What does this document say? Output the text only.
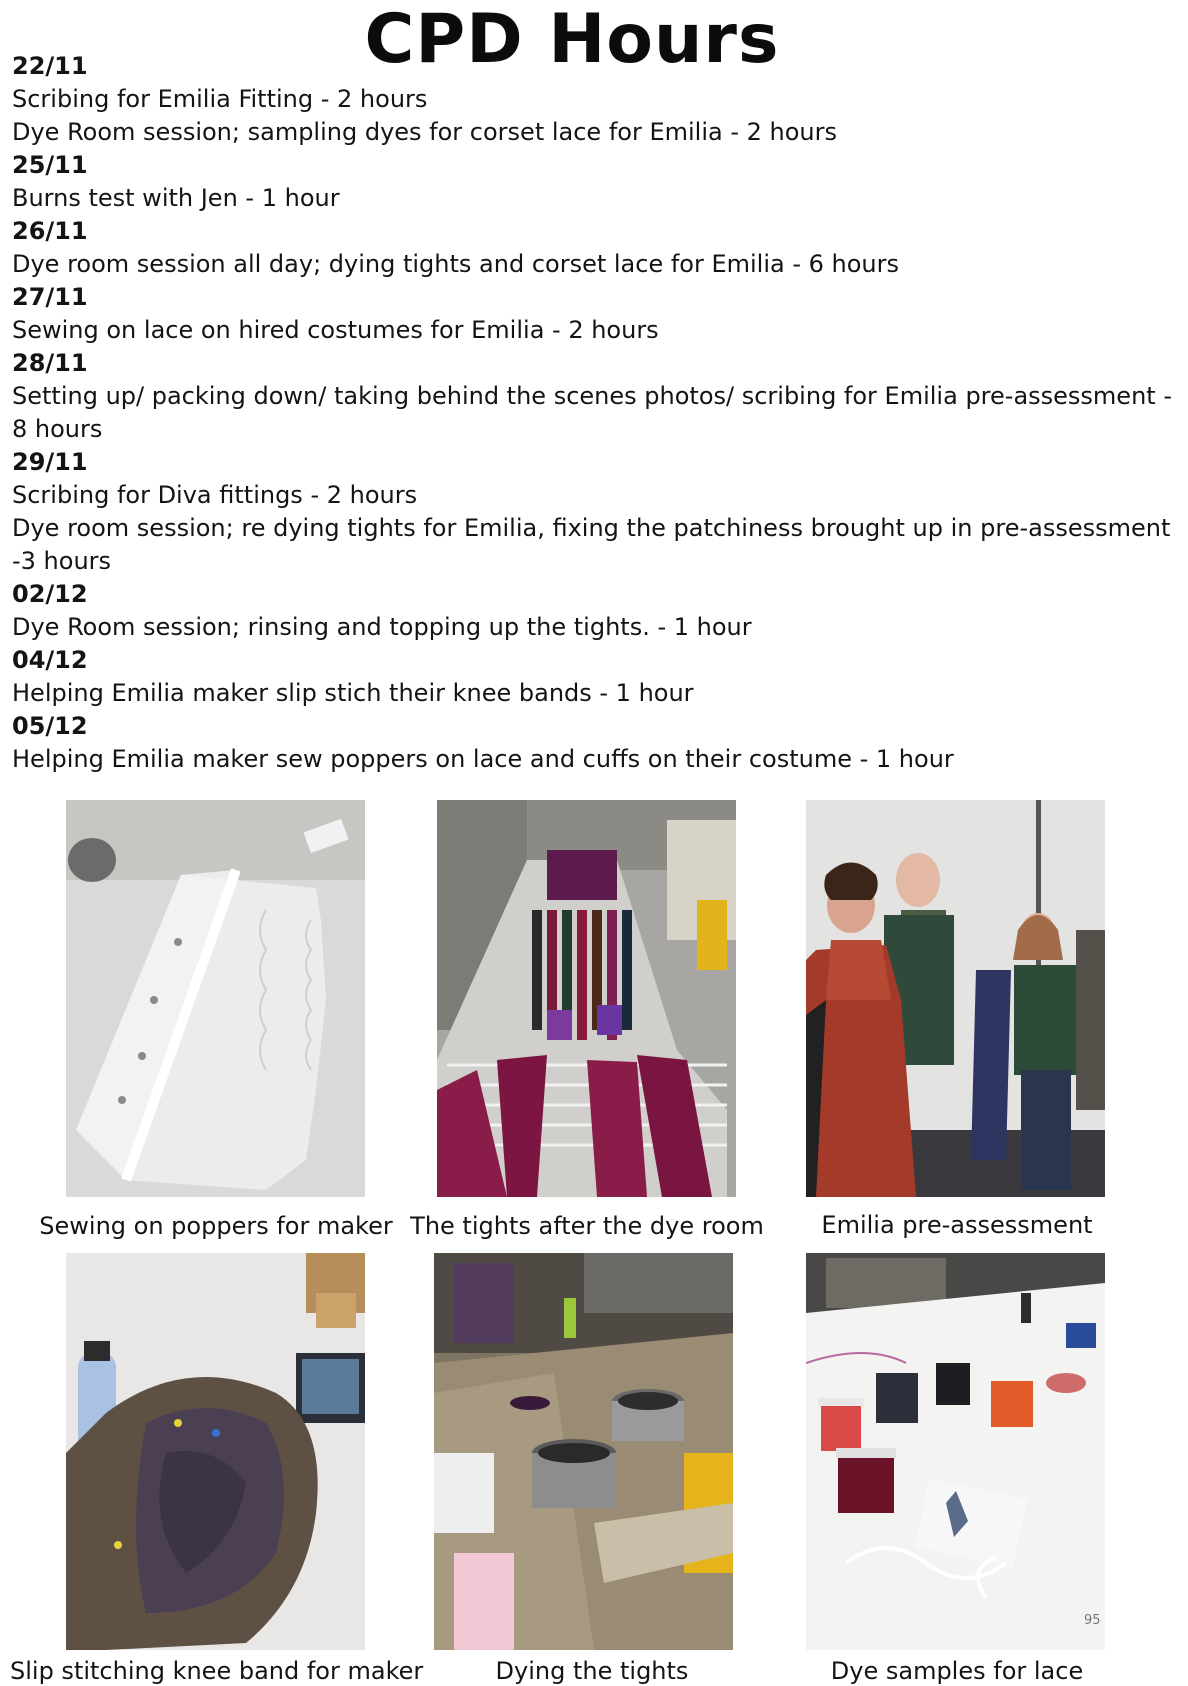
CPD Hours
22/11
Scribing for Emilia Fitting - 2 hours
Dye Room session; sampling dyes for corset lace for Emilia - 2 hours
25/11
Burns test with Jen - 1 hour
26/11
Dye room session all day; dying tights and corset lace for Emilia - 6 hours
27/11
Sewing on lace on hired costumes for Emilia - 2 hours
28/11
Setting up/ packing down/ taking behind the scenes photos/ scribing for Emilia pre-assessment - 8 hours
29/11
Scribing for Diva fittings - 2 hours
Dye room session; re dying tights for Emilia, fixing the patchiness brought up in pre-assessment -3 hours
02/12
Dye Room session; rinsing and topping up the tights. - 1 hour
04/12
Helping Emilia maker slip stich their knee bands - 1 hour
05/12
Helping Emilia maker sew poppers on lace and cuffs on their costume - 1 hour
Sewing on poppers for maker The tights after the dye room	Emilia pre-assessment
Slip stitching knee band for maker	Dying the tights	Dye samples for lace
95
